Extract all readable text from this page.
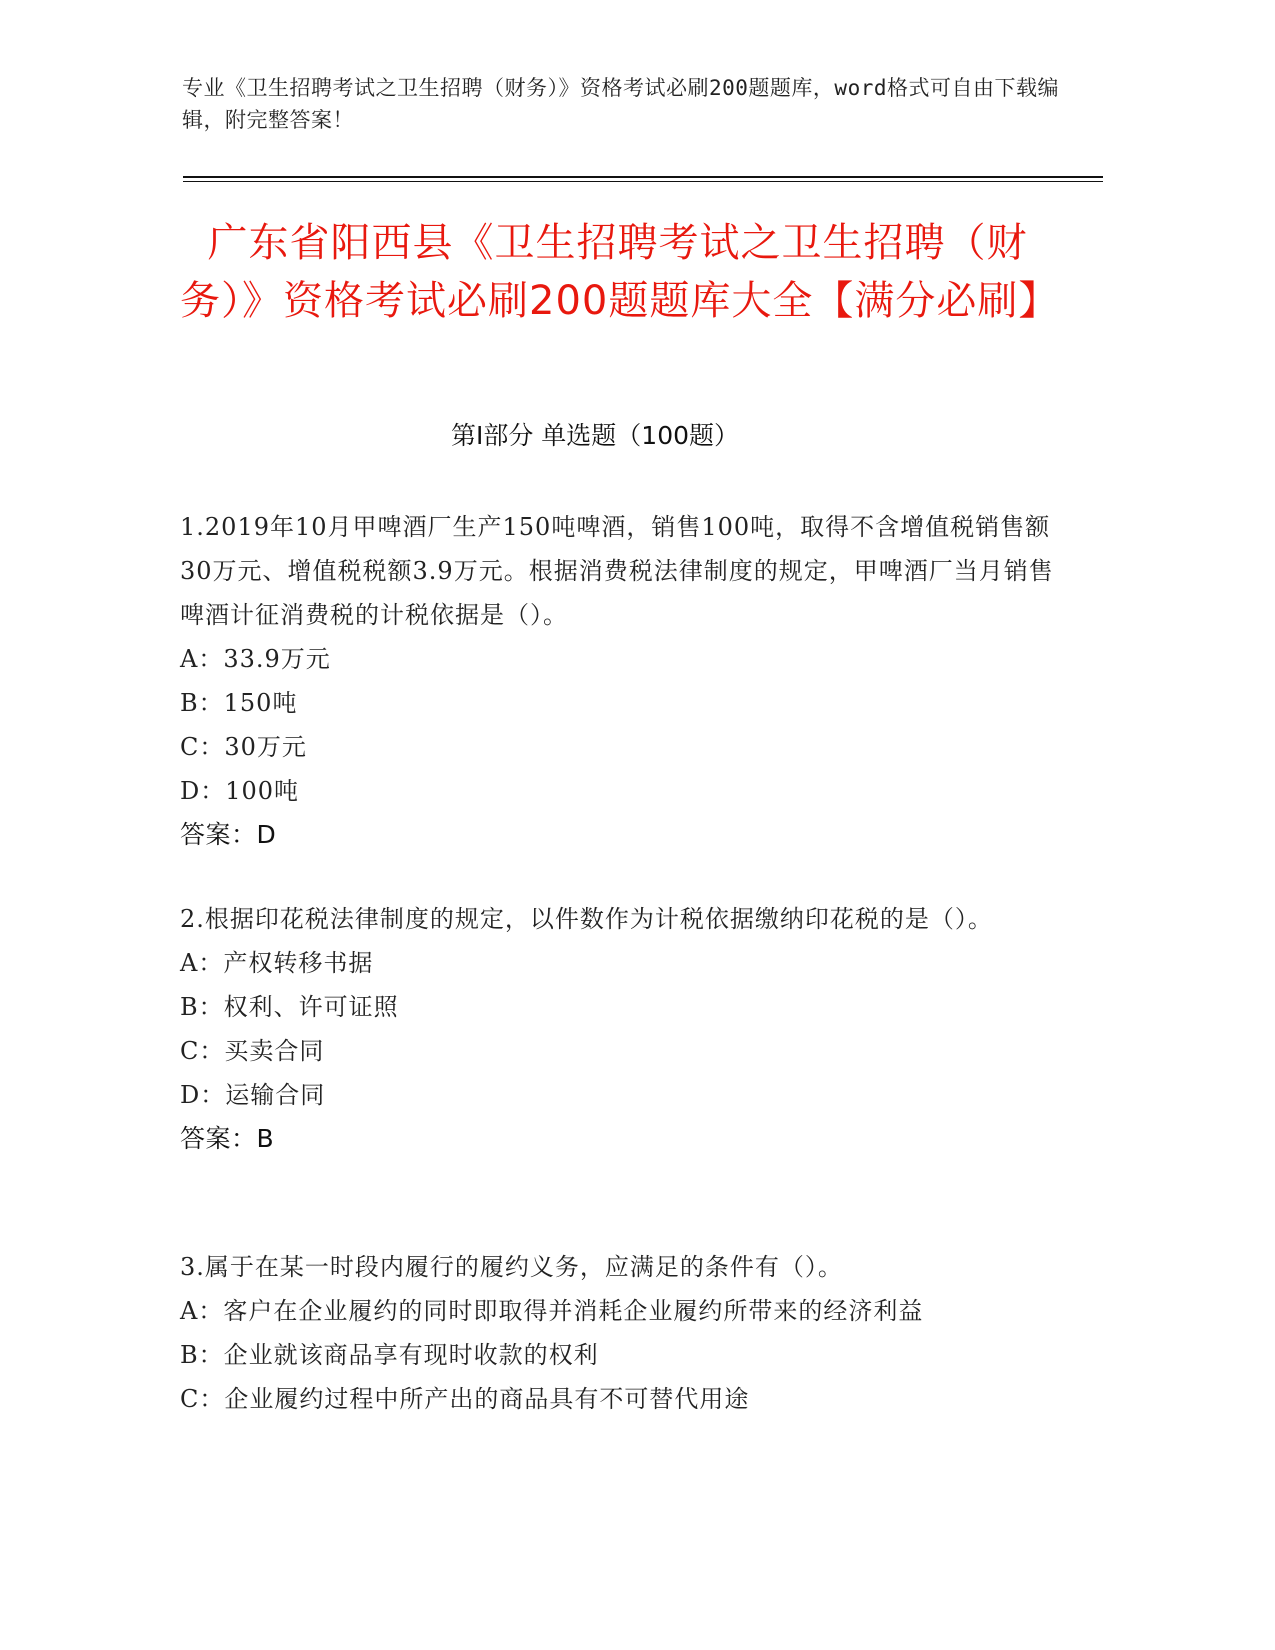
专业《卫生招聘考试之卫生招聘（财务）》资格考试必刷200题题库，word格式可自由下载编辑，附完整答案！
广东省阳西县《卫生招聘考试之卫生招聘（财务）》资格考试必刷200题题库大全【满分必刷】
第I部分 单选题（100题）

1.2019年10月甲啤酒厂生产150吨啤酒，销售100吨，取得不含增值税销售额30万元、增值税税额3.9万元。根据消费税法律制度的规定，甲啤酒厂当月销售啤酒计征消费税的计税依据是（）。

A：33.9万元

B：150吨

C：30万元

D：100吨

答案：D

2.根据印花税法律制度的规定，以件数作为计税依据缴纳印花税的是（）。

A：产权转移书据

B：权利、许可证照

C：买卖合同

D：运输合同

答案：B

3.属于在某一时段内履行的履约义务，应满足的条件有（）。

A：客户在企业履约的同时即取得并消耗企业履约所带来的经济利益

B：企业就该商品享有现时收款的权利

C：企业履约过程中所产出的商品具有不可替代用途
